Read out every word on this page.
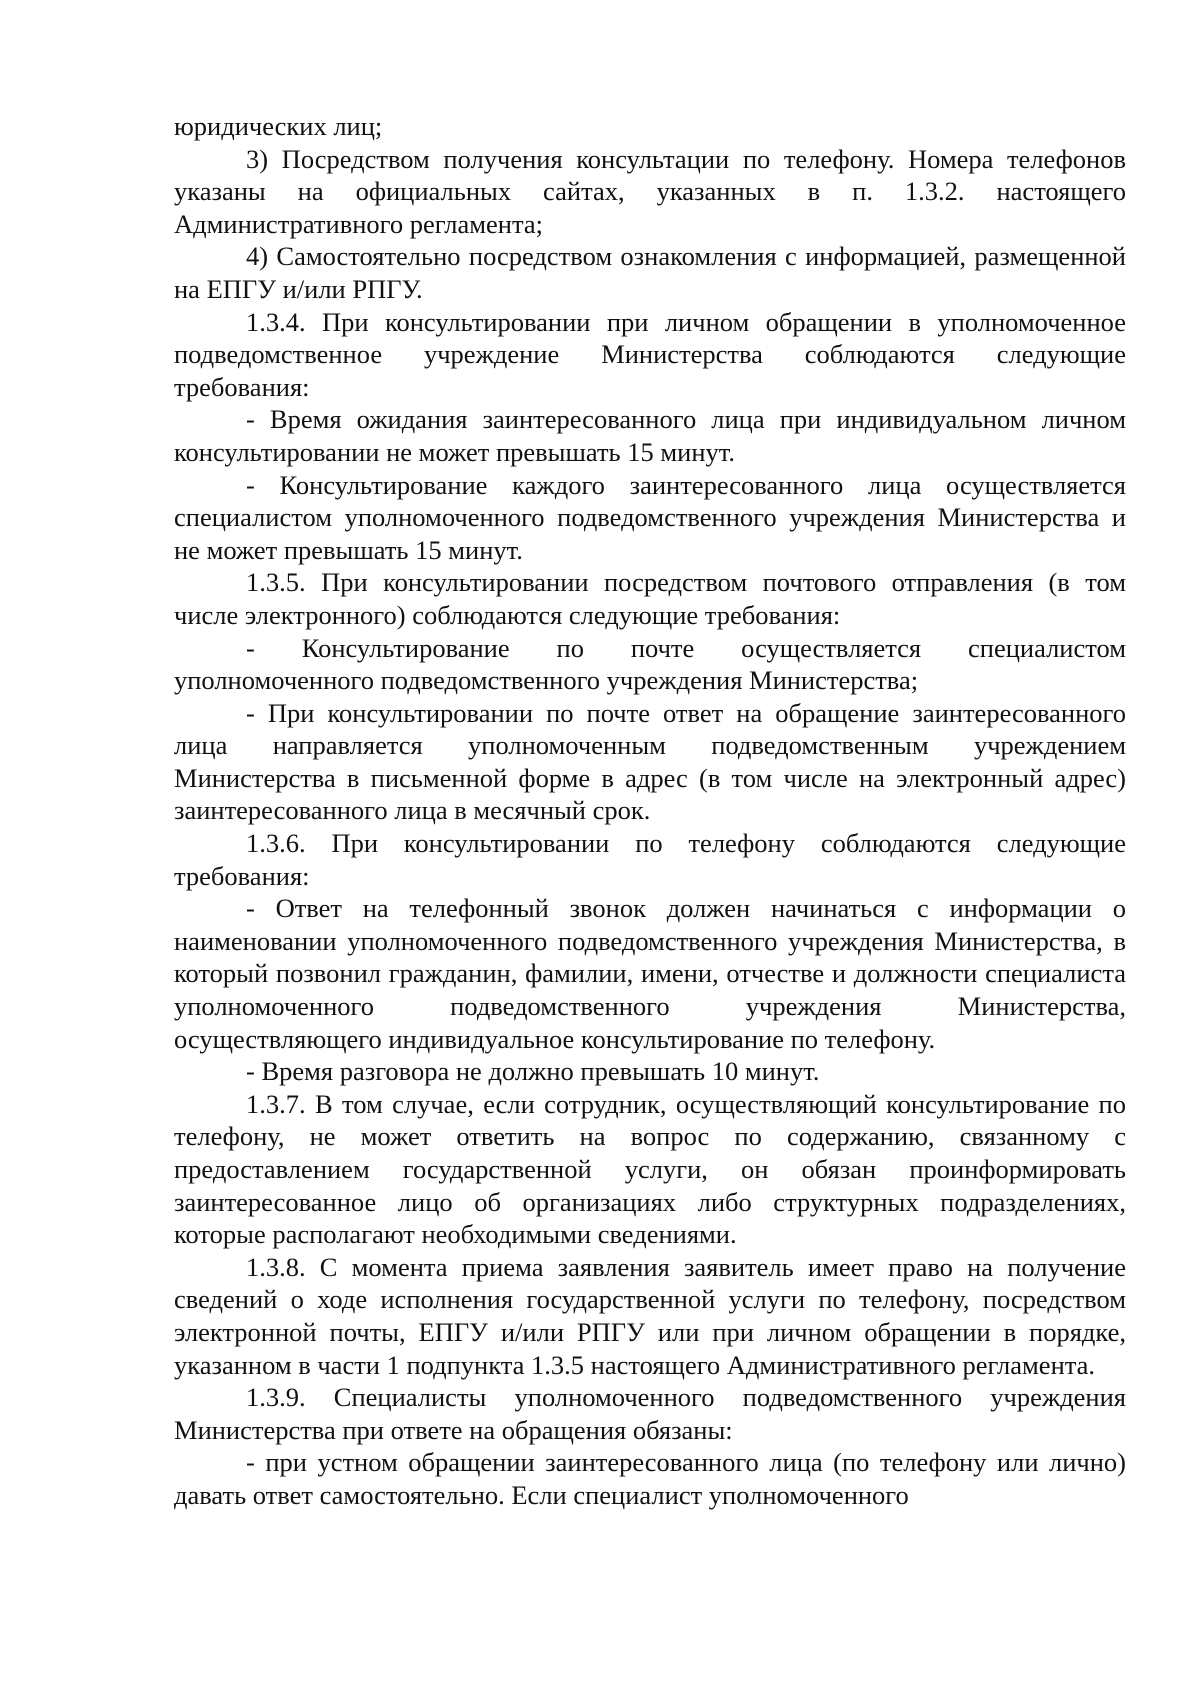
юридических лиц;

3) Посредством получения консультации по телефону. Номера телефонов указаны на официальных сайтах, указанных в п. 1.3.2. настоящего Административного регламента;

4) Самостоятельно посредством ознакомления с информацией, размещенной на ЕПГУ и/или РПГУ.

1.3.4. При консультировании при личном обращении в уполномоченное подведомственное учреждение Министерства соблюдаются следующие требования:

- Время ожидания заинтересованного лица при индивидуальном личном консультировании не может превышать 15 минут.

- Консультирование каждого заинтересованного лица осуществляется специалистом уполномоченного подведомственного учреждения Министерства и не может превышать 15 минут.

1.3.5. При консультировании посредством почтового отправления (в том числе электронного) соблюдаются следующие требования:

- Консультирование по почте осуществляется специалистом уполномоченного подведомственного учреждения Министерства;

- При консультировании по почте ответ на обращение заинтересованного лица направляется уполномоченным подведомственным учреждением Министерства в письменной форме в адрес (в том числе на электронный адрес) заинтересованного лица в месячный срок.

1.3.6. При консультировании по телефону соблюдаются следующие требования:

- Ответ на телефонный звонок должен начинаться с информации о наименовании уполномоченного подведомственного учреждения Министерства, в который позвонил гражданин, фамилии, имени, отчестве и должности специалиста уполномоченного подведомственного учреждения Министерства, осуществляющего индивидуальное консультирование по телефону.

- Время разговора не должно превышать 10 минут.

1.3.7. В том случае, если сотрудник, осуществляющий консультирование по телефону, не может ответить на вопрос по содержанию, связанному с предоставлением государственной услуги, он обязан проинформировать заинтересованное лицо об организациях либо структурных подразделениях, которые располагают необходимыми сведениями.

1.3.8. С момента приема заявления заявитель имеет право на получение сведений о ходе исполнения государственной услуги по телефону, посредством электронной почты, ЕПГУ и/или РПГУ или при личном обращении в порядке, указанном в части 1 подпункта 1.3.5 настоящего Административного регламента.

1.3.9. Специалисты уполномоченного подведомственного учреждения Министерства при ответе на обращения обязаны:

- при устном обращении заинтересованного лица (по телефону или лично) давать ответ самостоятельно. Если специалист уполномоченного
